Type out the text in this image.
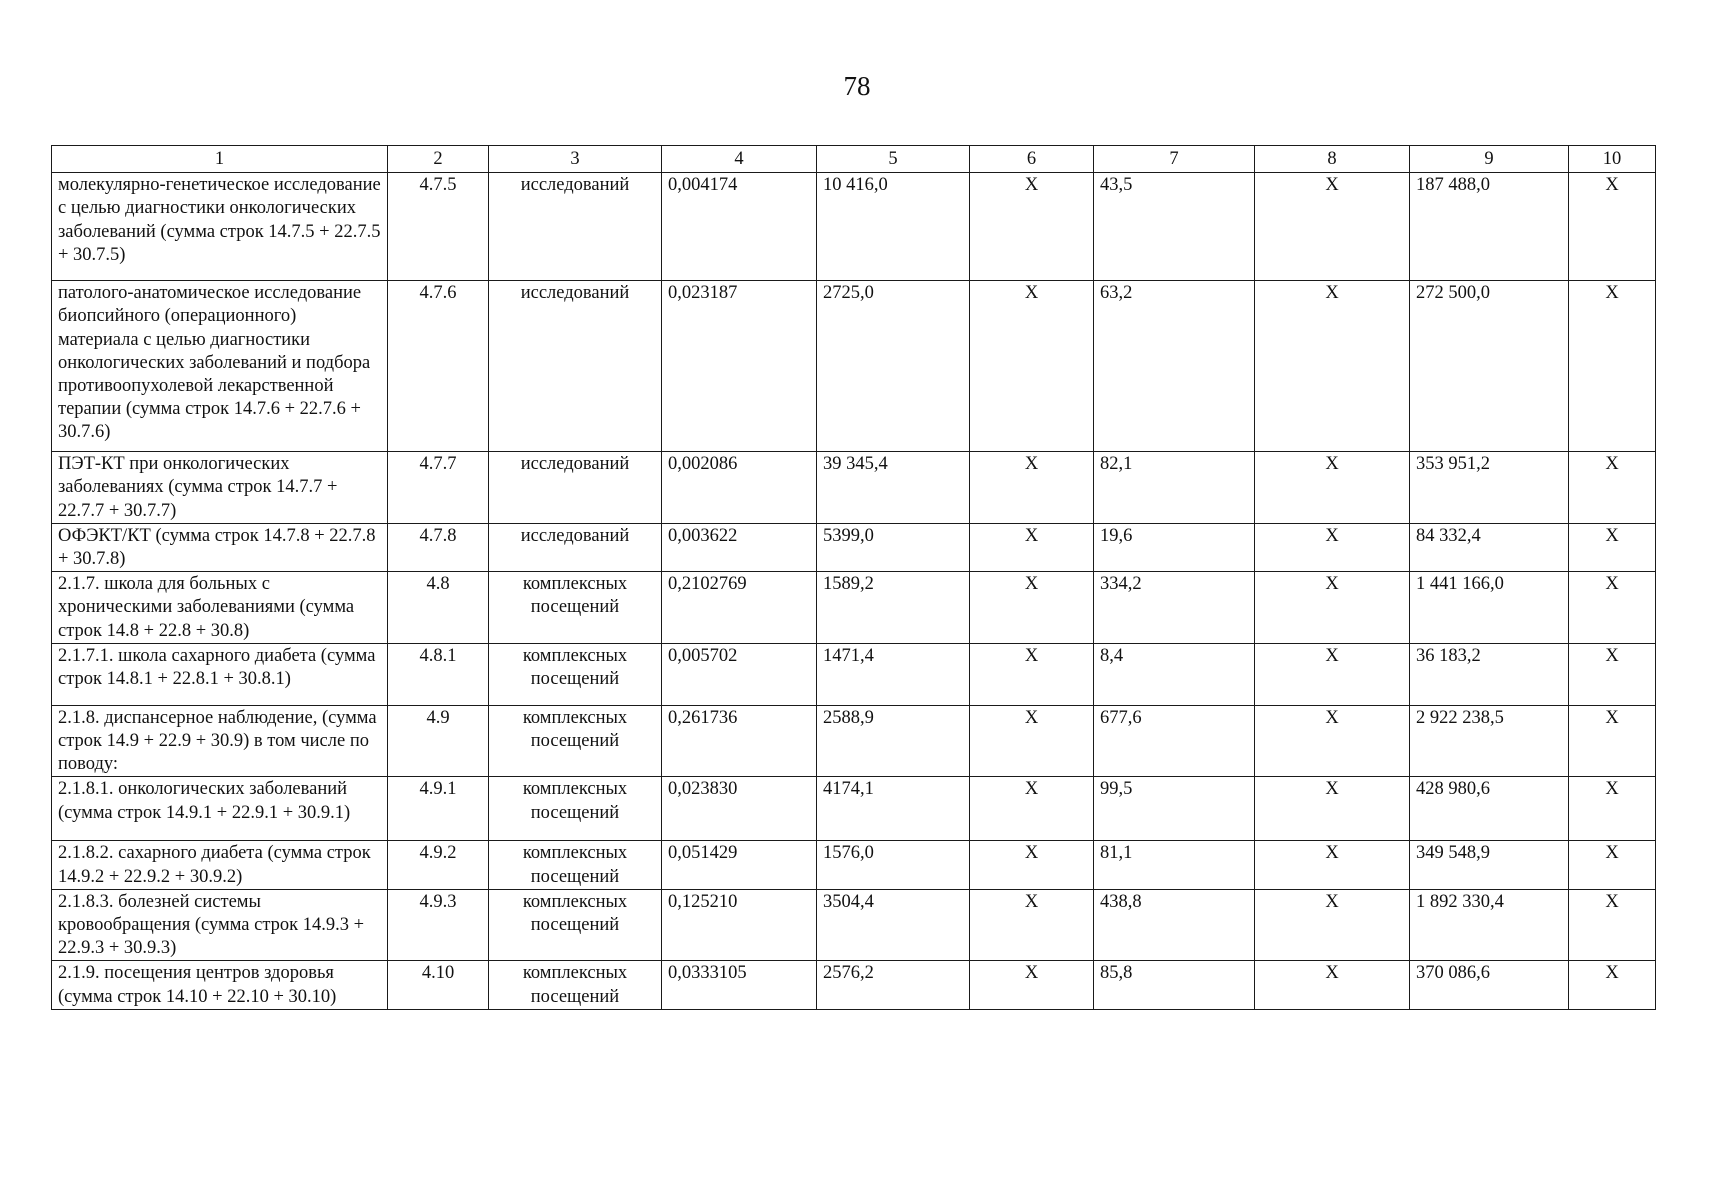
78
1	2	3	4	5	6	7	8	9	10
молекулярно-генетическое исследование с целью диагностики онкологических заболеваний (сумма строк 14.7.5 + 22.7.5 + 30.7.5)	4.7.5	исследований	0,004174	10 416,0	X	43,5	X	187 488,0	X
патолого-анатомическое исследование биопсийного (операционного) материала с целью диагностики онкологических заболеваний и подбора противоопухолевой лекарственной терапии (сумма строк 14.7.6 + 22.7.6 + 30.7.6)	4.7.6	исследований	0,023187	2725,0	X	63,2	X	272 500,0	X
ПЭТ-КТ при онкологических заболеваниях (сумма строк 14.7.7 + 22.7.7 + 30.7.7)	4.7.7	исследований	0,002086	39 345,4	X	82,1	X	353 951,2	X
ОФЭКТ/КТ (сумма строк 14.7.8 + 22.7.8 + 30.7.8)	4.7.8	исследований	0,003622	5399,0	X	19,6	X	84 332,4	X
2.1.7. школа для больных с хроническими заболеваниями (сумма строк 14.8 + 22.8 + 30.8)	4.8	комплексных посещений	0,2102769	1589,2	X	334,2	X	1 441 166,0	X
2.1.7.1. школа сахарного диабета (сумма строк 14.8.1 + 22.8.1 + 30.8.1)	4.8.1	комплексных посещений	0,005702	1471,4	X	8,4	X	36 183,2	X
2.1.8. диспансерное наблюдение, (сумма строк 14.9 + 22.9 + 30.9) в том числе по поводу:	4.9	комплексных посещений	0,261736	2588,9	X	677,6	X	2 922 238,5	X
2.1.8.1. онкологических заболеваний (сумма строк 14.9.1 + 22.9.1 + 30.9.1)	4.9.1	комплексных посещений	0,023830	4174,1	X	99,5	X	428 980,6	X
2.1.8.2. сахарного диабета (сумма строк 14.9.2 + 22.9.2 + 30.9.2)	4.9.2	комплексных посещений	0,051429	1576,0	X	81,1	X	349 548,9	X
2.1.8.3. болезней системы кровообращения (сумма строк 14.9.3 + 22.9.3 + 30.9.3)	4.9.3	комплексных посещений	0,125210	3504,4	X	438,8	X	1 892 330,4	X
2.1.9. посещения центров здоровья (сумма строк 14.10 + 22.10 + 30.10)	4.10	комплексных посещений	0,0333105	2576,2	X	85,8	X	370 086,6	X
